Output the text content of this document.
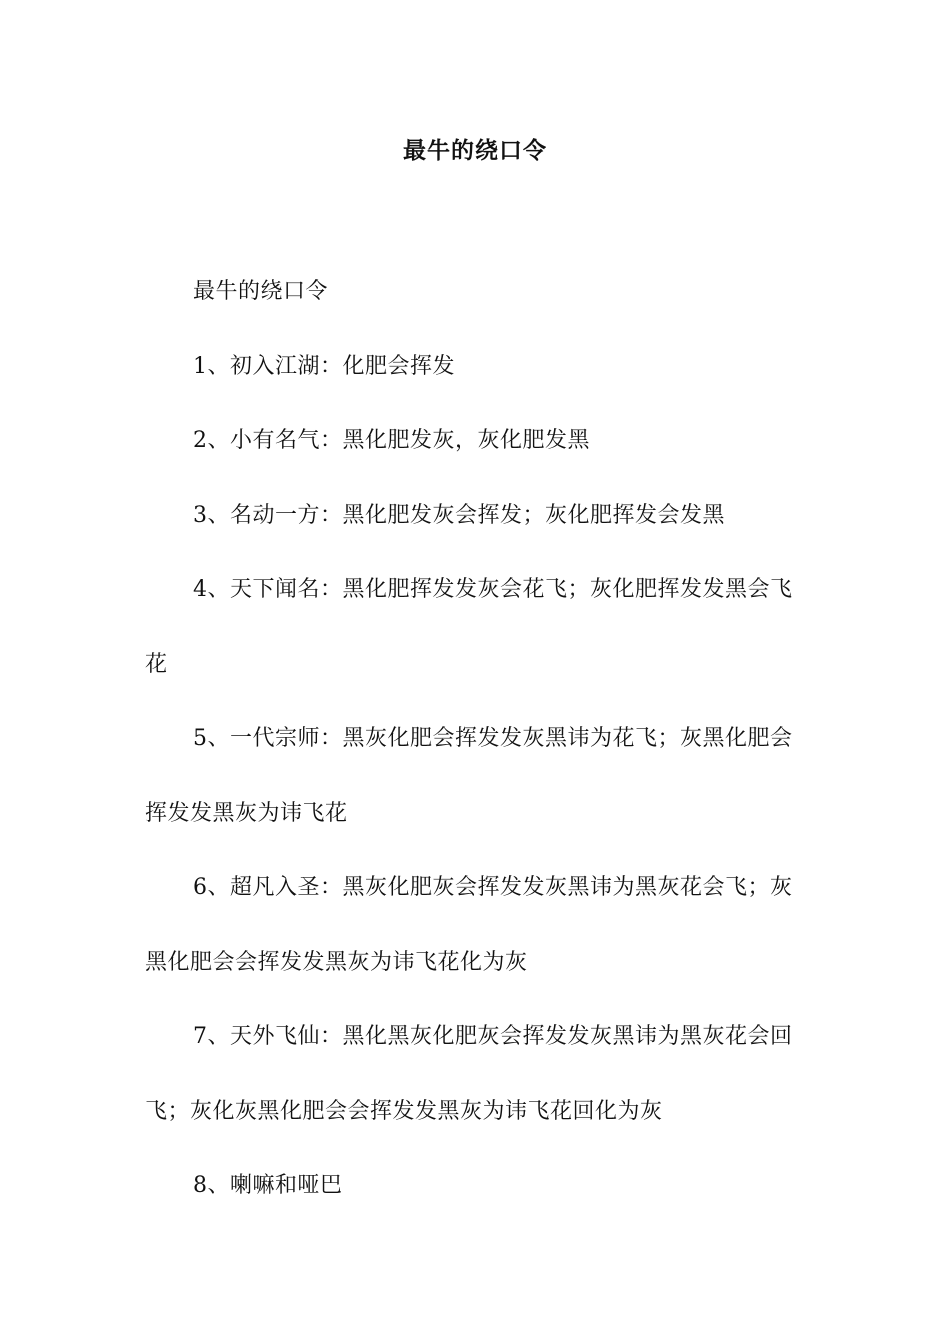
最牛的绕口令

最牛的绕口令

1、初入江湖：化肥会挥发

2、小有名气：黑化肥发灰，灰化肥发黑

3、名动一方：黑化肥发灰会挥发；灰化肥挥发会发黑

4、天下闻名：黑化肥挥发发灰会花飞；灰化肥挥发发黑会飞花

5、一代宗师：黑灰化肥会挥发发灰黑讳为花飞；灰黑化肥会挥发发黑灰为讳飞花

6、超凡入圣：黑灰化肥灰会挥发发灰黑讳为黑灰花会飞；灰黑化肥会会挥发发黑灰为讳飞花化为灰

7、天外飞仙：黑化黑灰化肥灰会挥发发灰黑讳为黑灰花会回飞；灰化灰黑化肥会会挥发发黑灰为讳飞花回化为灰

8、喇嘛和哑巴
